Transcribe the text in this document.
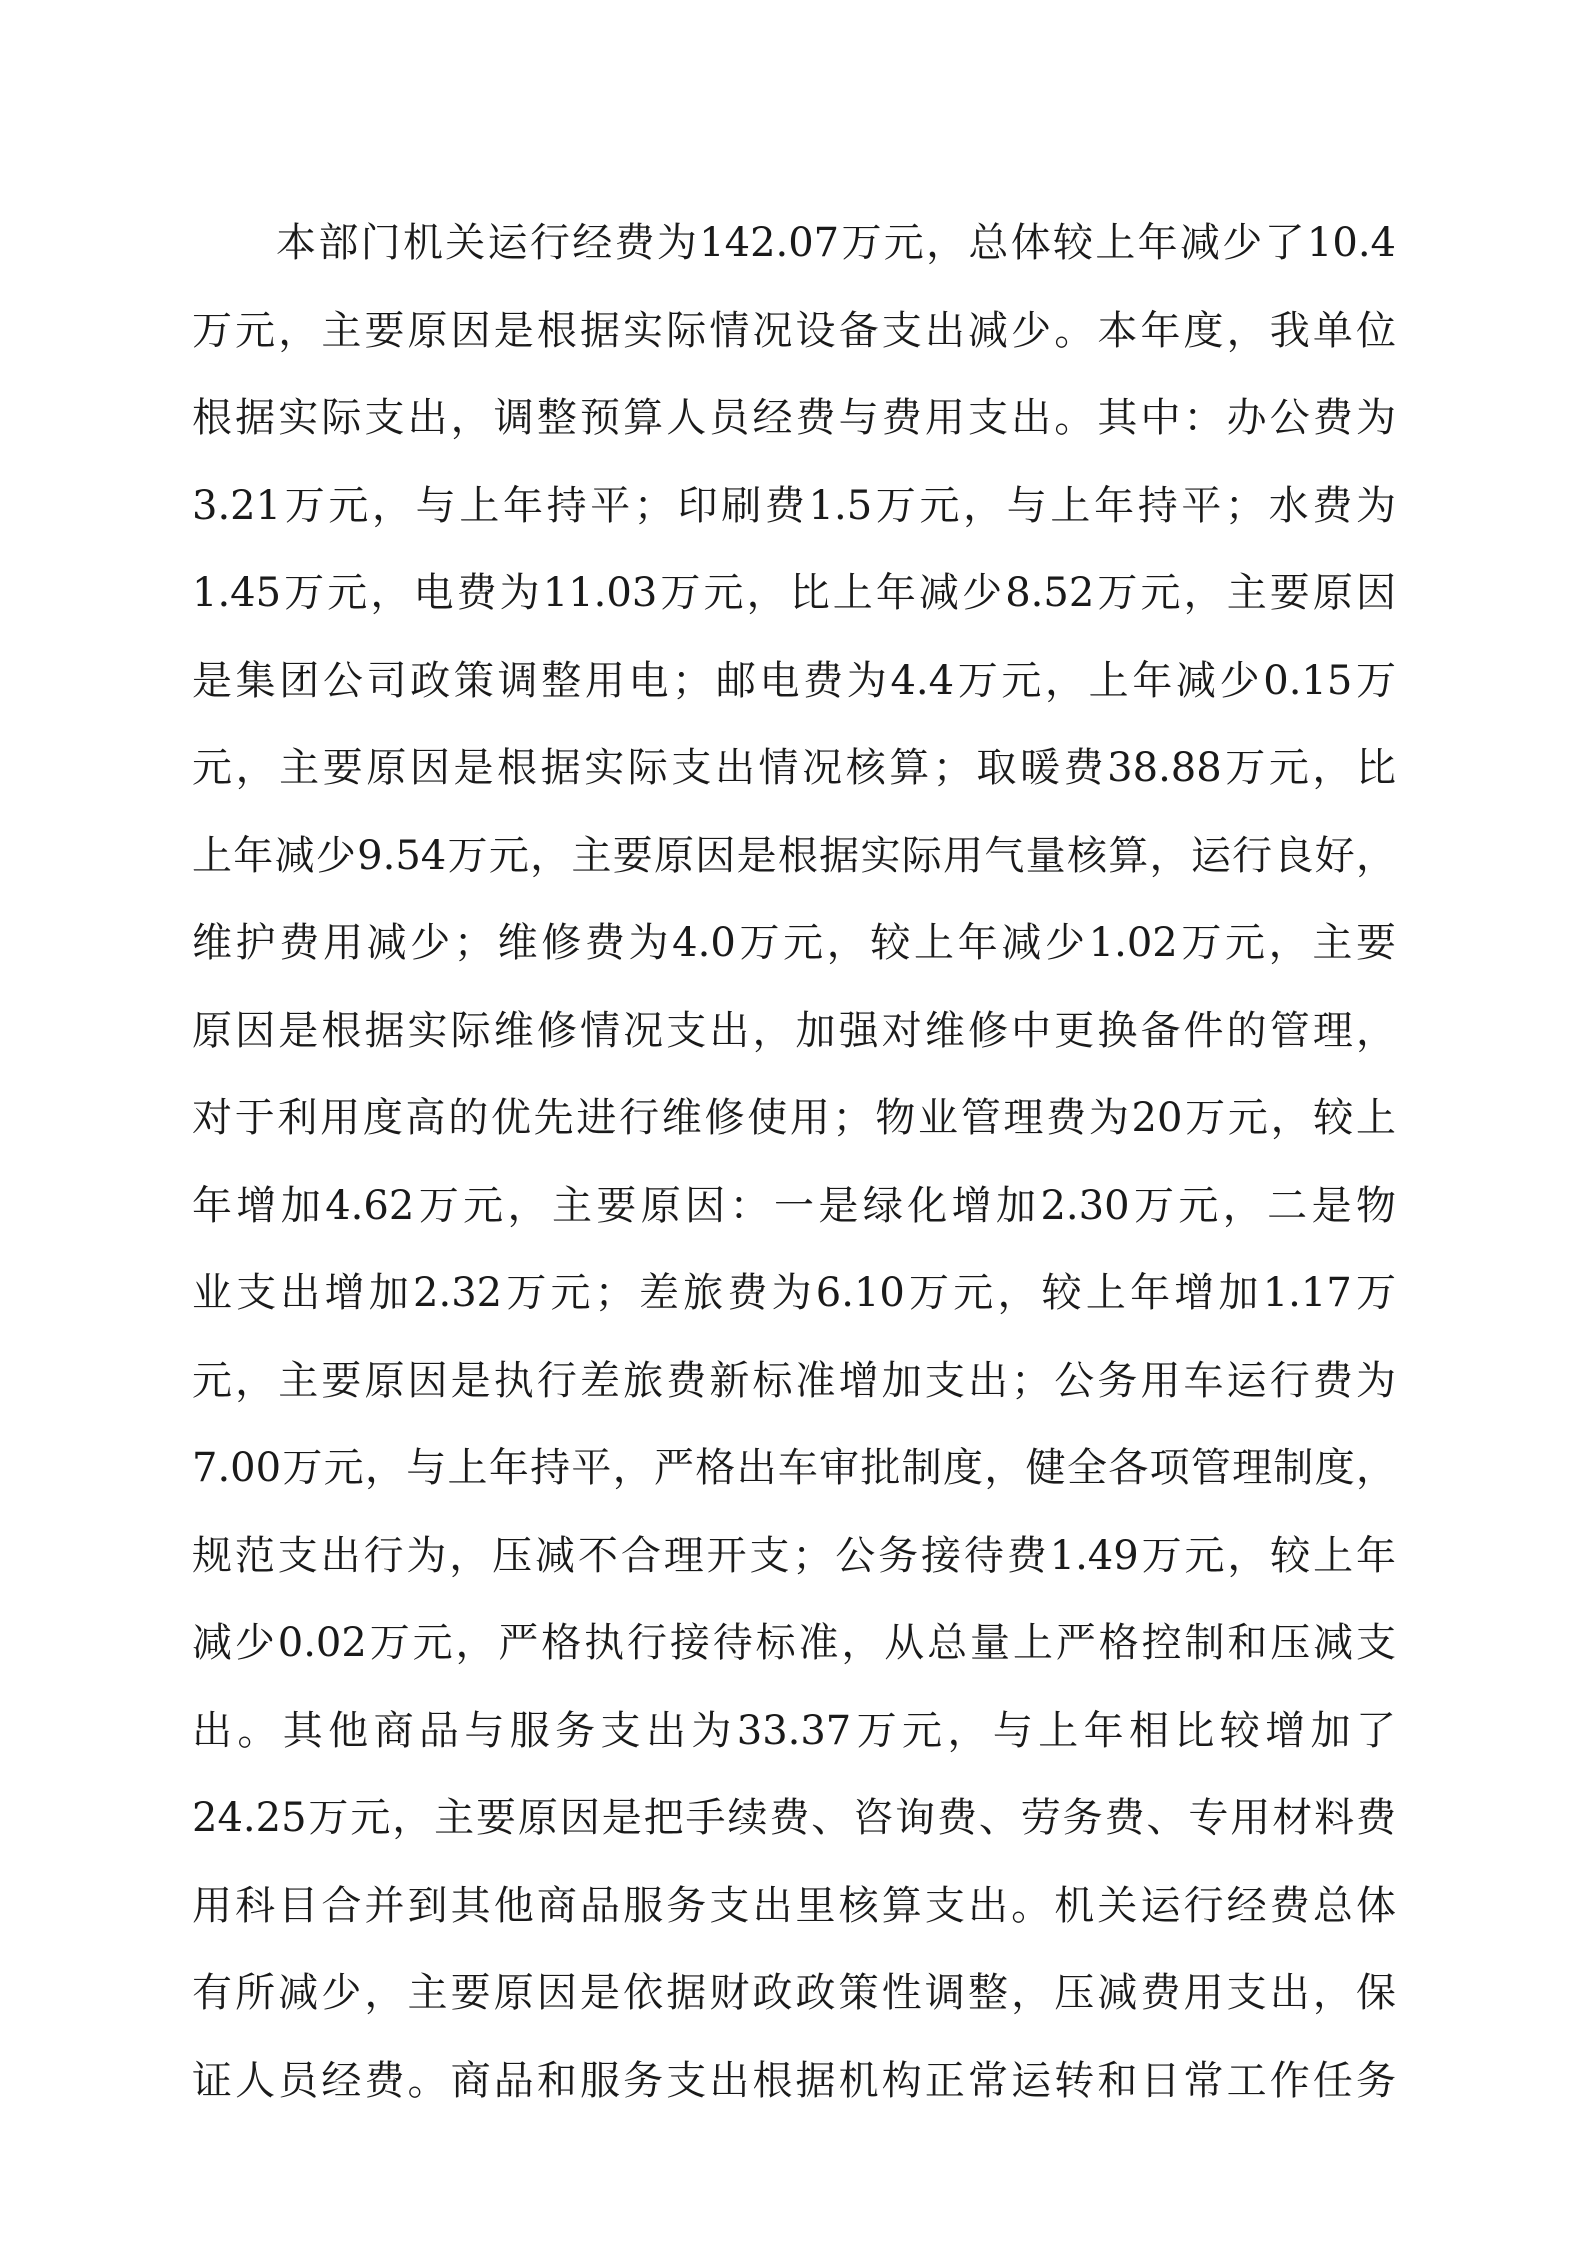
本部门机关运行经费为142.07万元，总体较上年减少了10.4
万元，主要原因是根据实际情况设备支出减少。本年度，我单位
根据实际支出，调整预算人员经费与费用支出。其中：办公费为
3.21万元，与上年持平；印刷费1.5万元，与上年持平；水费为
1.45万元，电费为11.03万元，比上年减少8.52万元，主要原因
是集团公司政策调整用电；邮电费为4.4万元，上年减少0.15万
元，主要原因是根据实际支出情况核算；取暖费38.88万元，比
上年减少9.54万元，主要原因是根据实际用气量核算，运行良好，
维护费用减少；维修费为4.0万元，较上年减少1.02万元，主要
原因是根据实际维修情况支出，加强对维修中更换备件的管理，
对于利用度高的优先进行维修使用；物业管理费为20万元，较上
年增加4.62万元，主要原因：一是绿化增加2.30万元，二是物
业支出增加2.32万元；差旅费为6.10万元，较上年增加1.17万
元，主要原因是执行差旅费新标准增加支出；公务用车运行费为
7.00万元，与上年持平，严格出车审批制度，健全各项管理制度，
规范支出行为，压减不合理开支；公务接待费1.49万元，较上年
减少0.02万元，严格执行接待标准，从总量上严格控制和压减支
出。其他商品与服务支出为33.37万元，与上年相比较增加了
24.25万元，主要原因是把手续费、咨询费、劳务费、专用材料费
用科目合并到其他商品服务支出里核算支出。机关运行经费总体
有所减少，主要原因是依据财政政策性调整，压减费用支出，保
证人员经费。商品和服务支出根据机构正常运转和日常工作任务
